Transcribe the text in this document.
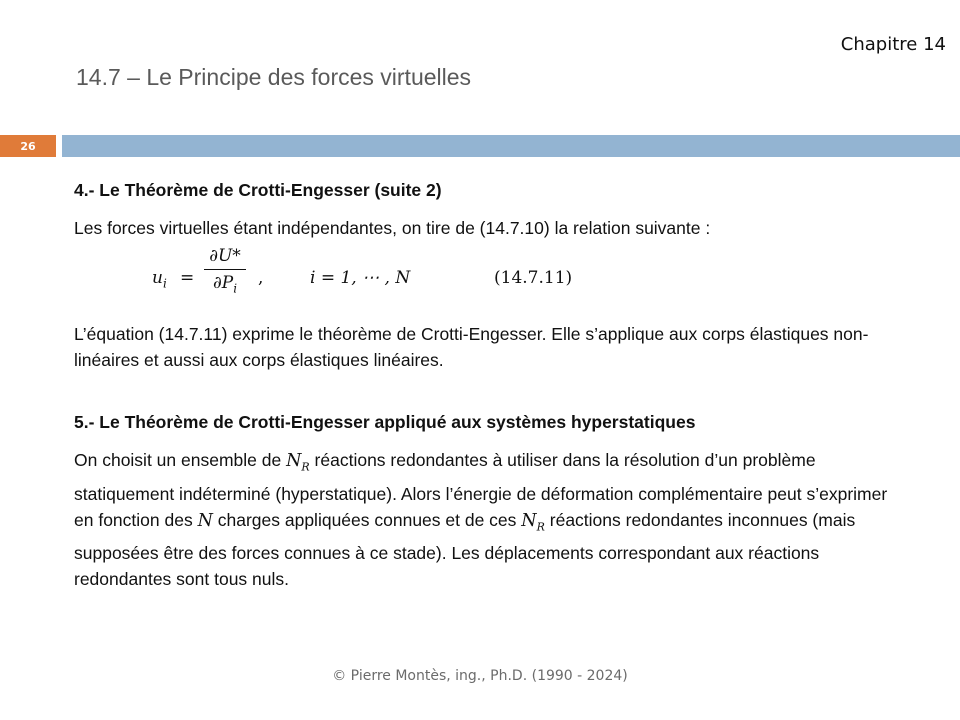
Chapitre 14
14.7 – Le Principe des forces virtuelles
26

4.- Le Théorème de Crotti-Engesser (suite 2)

Les forces virtuelles étant indépendantes, on tire de (14.7.10) la relation suivante :

$u_i$ =
∂U*
$\partial P_i$
,	i = 1, ⋯ , N	(14.7.11)

L’équation (14.7.11) exprime le théorème de Crotti-Engesser. Elle s’applique aux corps élastiques non-linéaires et aussi aux corps élastiques linéaires.

5.- Le Théorème de Crotti-Engesser appliqué aux systèmes hyperstatiques

On choisit un ensemble de $N_R$ réactions redondantes à utiliser dans la résolution d’un problème statiquement indéterminé (hyperstatique). Alors l’énergie de déformation complémentaire peut s’exprimer en fonction des N charges appliquées connues et de ces $N_R$ réactions redondantes inconnues (mais supposées être des forces connues à ce stade). Les déplacements correspondant aux réactions redondantes sont tous nuls.

© Pierre Montès, ing., Ph.D. (1990 - 2024)
